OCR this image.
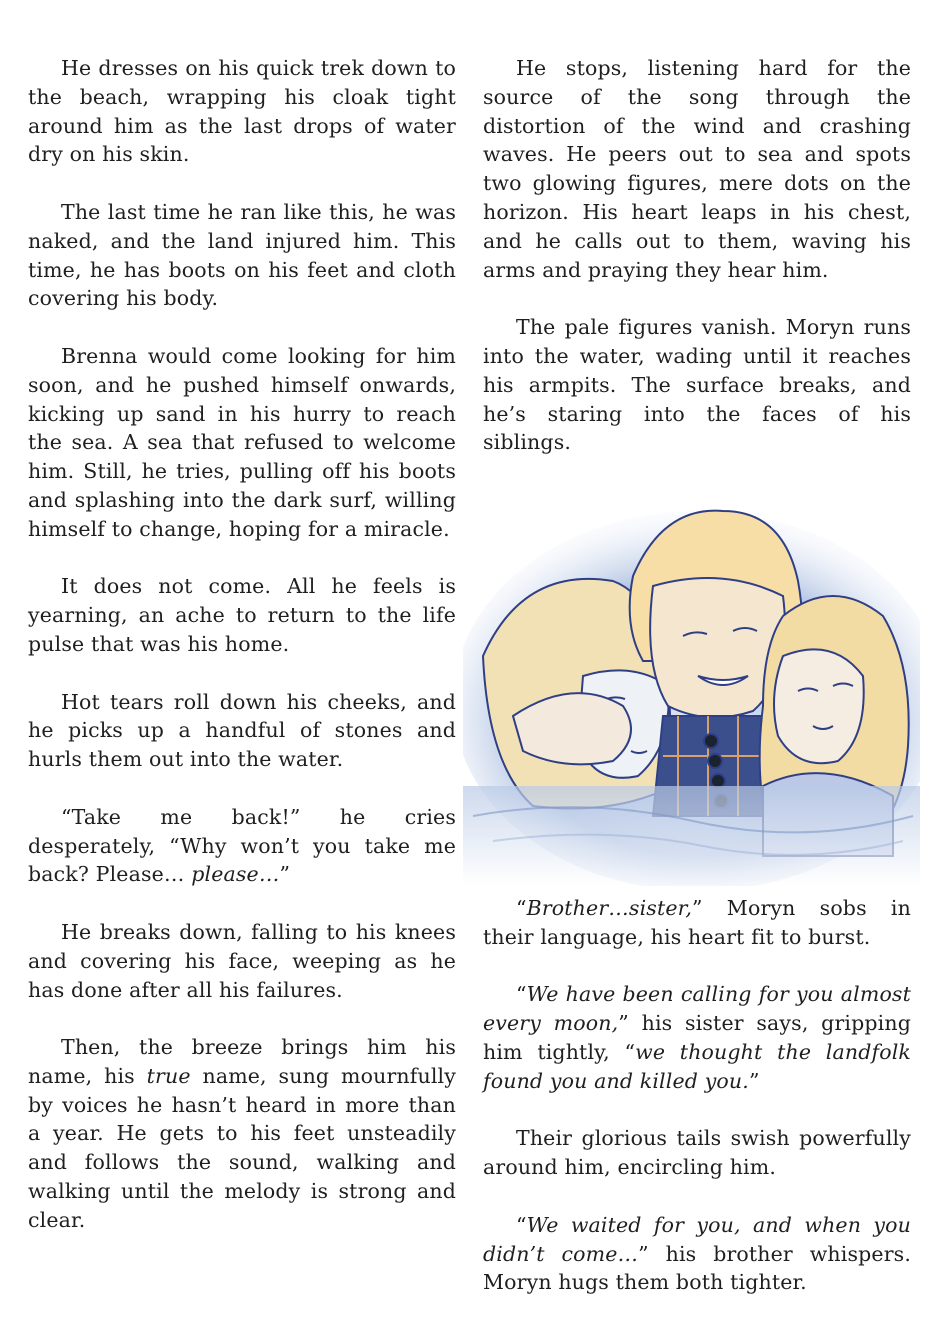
He dresses on his quick trek down to the beach, wrapping his cloak tight around him as the last drops of water dry on his skin.

The last time he ran like this, he was naked, and the land injured him. This time, he has boots on his feet and cloth covering his body.

Brenna would come looking for him soon, and he pushed himself onwards, kicking up sand in his hurry to reach the sea. A sea that refused to welcome him. Still, he tries, pulling off his boots and splashing into the dark surf, willing himself to change, hoping for a miracle.

It does not come. All he feels is yearning, an ache to return to the life pulse that was his home.

Hot tears roll down his cheeks, and he picks up a handful of stones and hurls them out into the water.

“Take me back!” he cries desperately, “Why won’t you take me back? Please… please…”

He breaks down, falling to his knees and covering his face, weeping as he has done after all his failures.

Then, the breeze brings him his name, his true name, sung mournfully by voices he hasn’t heard in more than a year. He gets to his feet unsteadily and follows the sound, walking and walking until the melody is strong and clear.

He stops, listening hard for the source of the song through the distortion of the wind and crashing waves. He peers out to sea and spots two glowing figures, mere dots on the horizon. His heart leaps in his chest, and he calls out to them, waving his arms and praying they hear him.

The pale figures vanish. Moryn runs into the water, wading until it reaches his armpits. The surface breaks, and he’s staring into the faces of his siblings.

“Brother…sister,” Moryn sobs in their language, his heart fit to burst.

“We have been calling for you almost every moon,” his sister says, gripping him tightly, “we thought the landfolk found you and killed you.”

Their glorious tails swish powerfully around him, encircling him.

“We waited for you, and when you didn’t come…” his brother whispers. Moryn hugs them both tighter.
